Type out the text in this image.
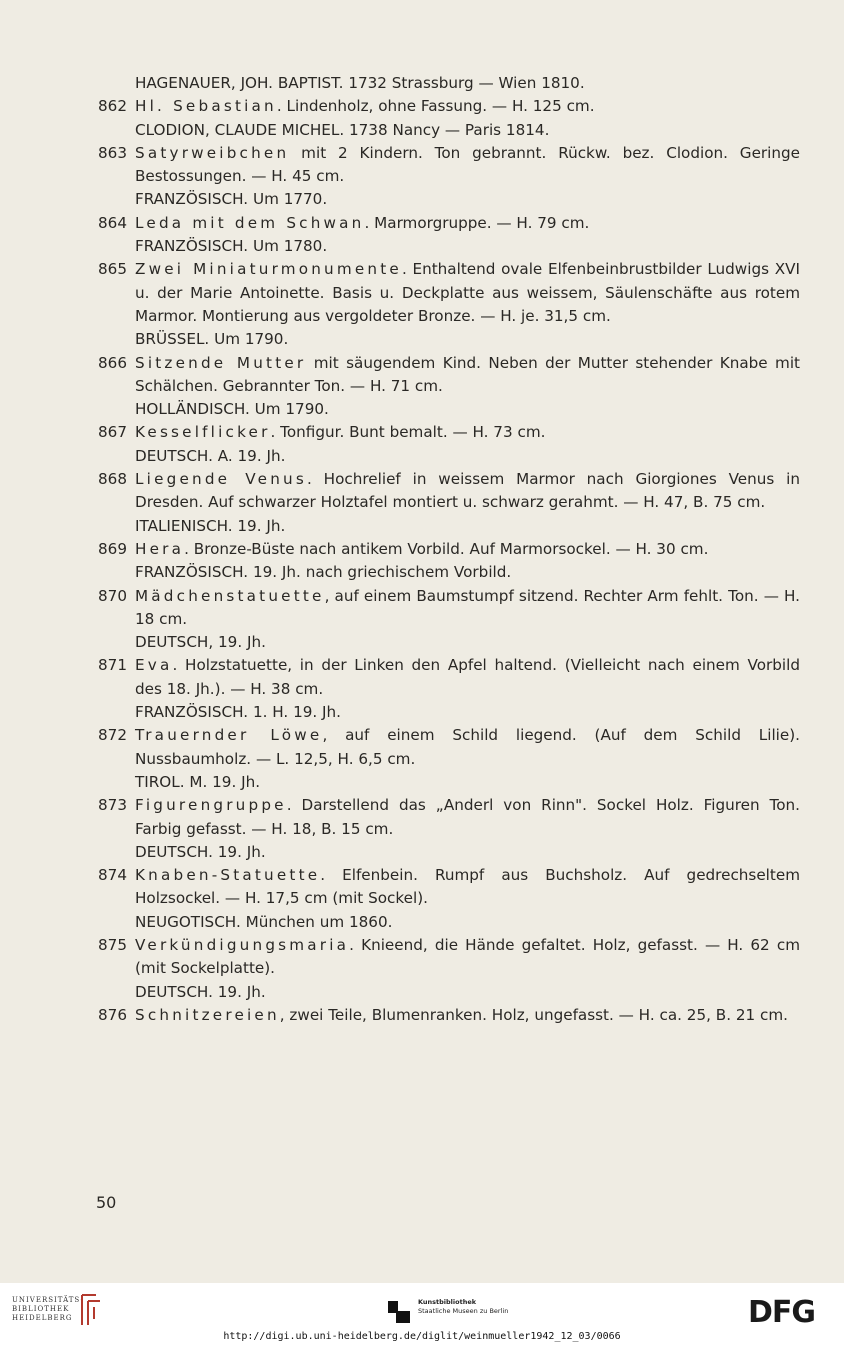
HAGENAUER, JOH. BAPTIST. 1732 Strassburg — Wien 1810.
862 Hl. Sebastian. Lindenholz, ohne Fassung. — H. 125 cm.
CLODION, CLAUDE MICHEL. 1738 Nancy — Paris 1814.
863 Satyrweibchen mit 2 Kindern. Ton gebrannt. Rückw. bez. Clodion. Geringe Bestossungen. — H. 45 cm.
FRANZÖSISCH. Um 1770.
864 Leda mit dem Schwan. Marmorgruppe. — H. 79 cm.
FRANZÖSISCH. Um 1780.
865 Zwei Miniaturmonumente. Enthaltend ovale Elfenbeinbrustbilder Ludwigs XVI u. der Marie Antoinette. Basis u. Deckplatte aus weissem, Säulenschäfte aus rotem Marmor. Montierung aus vergoldeter Bronze. — H. je. 31,5 cm.
BRÜSSEL. Um 1790.
866 Sitzende Mutter mit säugendem Kind. Neben der Mutter stehender Knabe mit Schälchen. Gebrannter Ton. — H. 71 cm.
HOLLÄNDISCH. Um 1790.
867 Kesselflicker. Tonfigur. Bunt bemalt. — H. 73 cm.
DEUTSCH. A. 19. Jh.
868 Liegende Venus. Hochrelief in weissem Marmor nach Giorgiones Venus in Dresden. Auf schwarzer Holztafel montiert u. schwarz gerahmt. — H. 47, B. 75 cm.
ITALIENISCH. 19. Jh.
869 Hera. Bronze-Büste nach antikem Vorbild. Auf Marmorsockel. — H. 30 cm.
FRANZÖSISCH. 19. Jh. nach griechischem Vorbild.
870 Mädchenstatuette, auf einem Baumstumpf sitzend. Rechter Arm fehlt. Ton. — H. 18 cm.
DEUTSCH, 19. Jh.
871 Eva. Holzstatuette, in der Linken den Apfel haltend. (Vielleicht nach einem Vorbild des 18. Jh.). — H. 38 cm.
FRANZÖSISCH. 1. H. 19. Jh.
872 Trauernder Löwe, auf einem Schild liegend. (Auf dem Schild Lilie). Nussbaumholz. — L. 12,5, H. 6,5 cm.
TIROL. M. 19. Jh.
873 Figurengruppe. Darstellend das „Anderl von Rinn". Sockel Holz. Figuren Ton. Farbig gefasst. — H. 18, B. 15 cm.
DEUTSCH. 19. Jh.
874 Knaben-Statuette. Elfenbein. Rumpf aus Buchsholz. Auf gedrechseltem Holzsockel. — H. 17,5 cm (mit Sockel).
NEUGOTISCH. München um 1860.
875 Verkündigungsmaria. Knieend, die Hände gefaltet. Holz, gefasst. — H. 62 cm (mit Sockelplatte).
DEUTSCH. 19. Jh.
876 Schnitzereien, zwei Teile, Blumenranken. Holz, ungefasst. — H. ca. 25, B. 21 cm.
50
UNIVERSITÄTS-
BIBLIOTHEK
HEIDELBERG
Kunstbibliothek
Staatliche Museen zu Berlin	DFG
http://digi.ub.uni-heidelberg.de/diglit/weinmueller1942_12_03/0066
